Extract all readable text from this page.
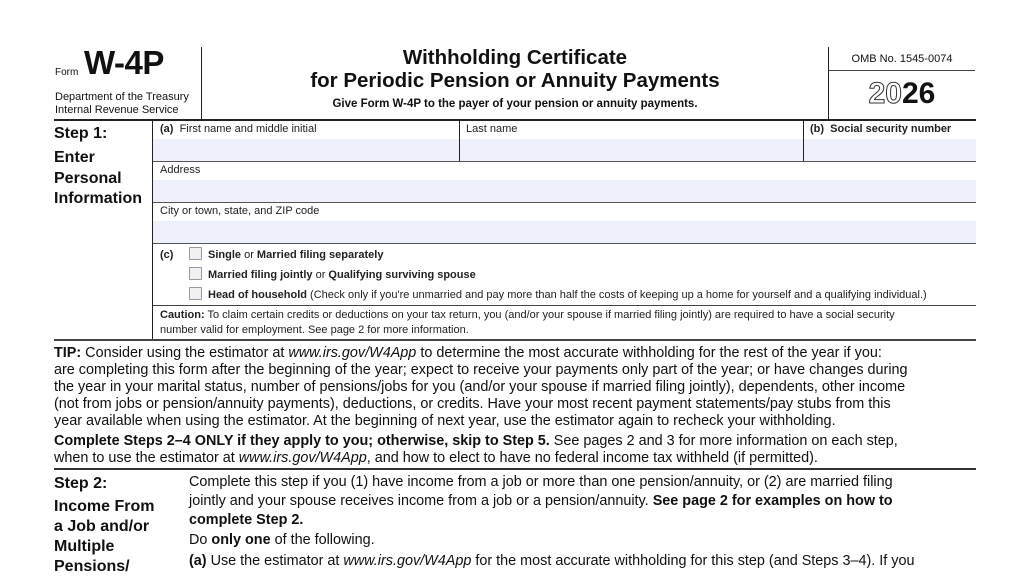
Form W-4P
Department of the Treasury
Internal Revenue Service
Withholding Certificate
for Periodic Pension or Annuity Payments
Give Form W-4P to the payer of your pension or annuity payments.
OMB No. 1545-0074
2026
Step 1:
Enter
Personal
Information
(a) First name and middle initial	Last name	(b) Social security number
Address
City or town, state, and ZIP code
(c)	Single or Married filing separately
Married filing jointly or Qualifying surviving spouse
Head of household (Check only if you're unmarried and pay more than half the costs of keeping up a home for yourself and a qualifying individual.)
Caution: To claim certain credits or deductions on your tax return, you (and/or your spouse if married filing jointly) are required to have a social security
number valid for employment. See page 2 for more information.
TIP: Consider using the estimator at www.irs.gov/W4App to determine the most accurate withholding for the rest of the year if you:
are completing this form after the beginning of the year; expect to receive your payments only part of the year; or have changes during
the year in your marital status, number of pensions/jobs for you (and/or your spouse if married filing jointly), dependents, other income
(not from jobs or pension/annuity payments), deductions, or credits. Have your most recent payment statements/pay stubs from this
year available when using the estimator. At the beginning of next year, use the estimator again to recheck your withholding.
Complete Steps 2–4 ONLY if they apply to you; otherwise, skip to Step 5. See pages 2 and 3 for more information on each step,
when to use the estimator at www.irs.gov/W4App, and how to elect to have no federal income tax withheld (if permitted).
Step 2:
Income From
a Job and/or
Multiple
Pensions/
Complete this step if you (1) have income from a job or more than one pension/annuity, or (2) are married filing
jointly and your spouse receives income from a job or a pension/annuity. See page 2 for examples on how to
complete Step 2.
Do only one of the following.
(a) Use the estimator at www.irs.gov/W4App for the most accurate withholding for this step (and Steps 3–4). If you
